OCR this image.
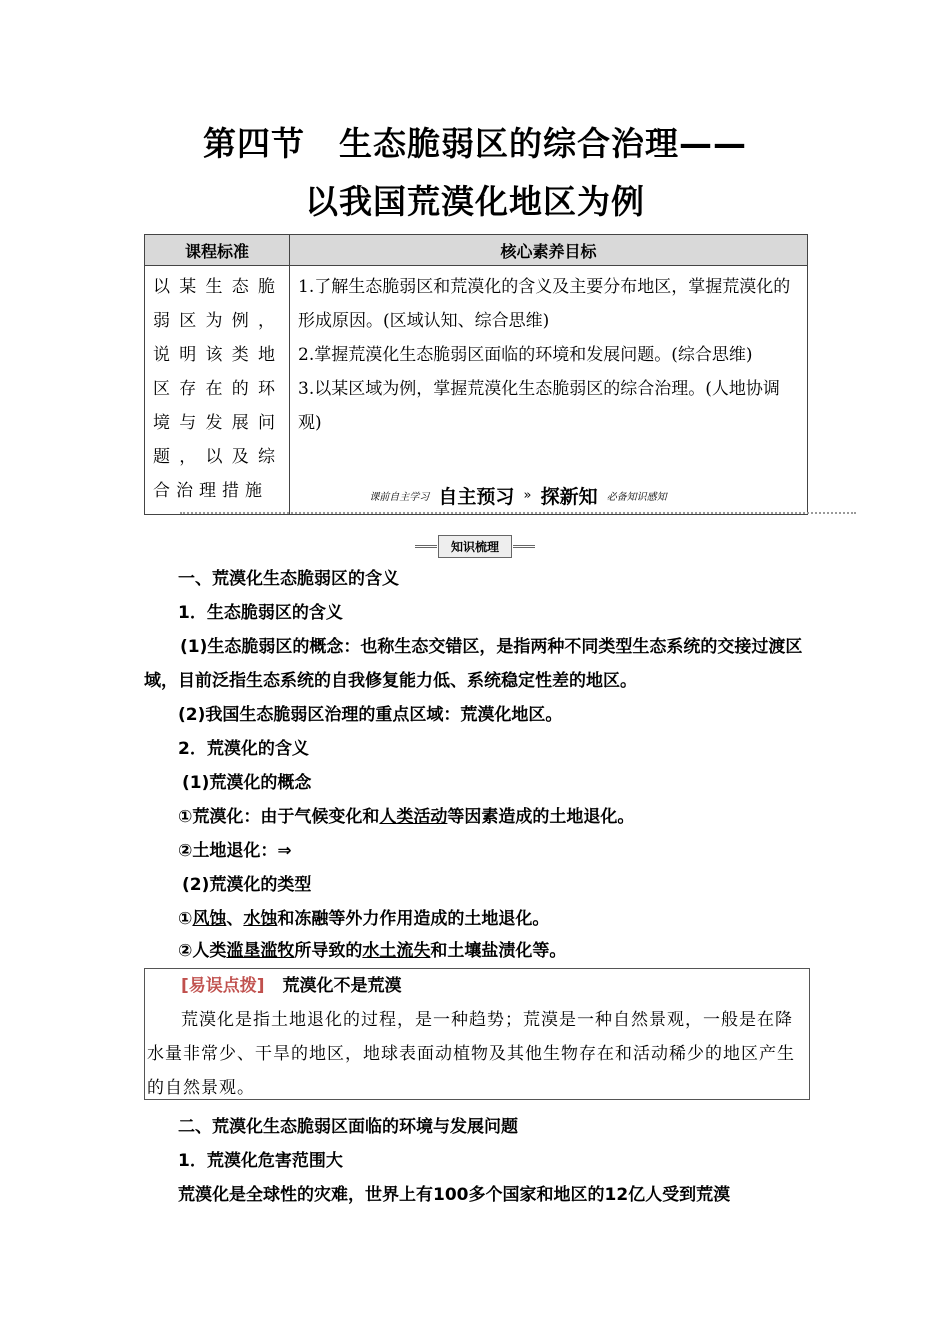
第四节　生态脆弱区的综合治理——
以我国荒漠化地区为例
课程标准	核心素养目标
以某生态脆弱区为例，说明该类地区存在的环境与发展问题，以及综合治理措施	1.了解生态脆弱区和荒漠化的含义及主要分布地区，掌握荒漠化的形成原因。(区域认知、综合思维)

2.掌握荒漠化生态脆弱区面临的环境和发展问题。(综合思维)

3.以某区域为例，掌握荒漠化生态脆弱区的综合治理。(人地协调观)

课前自主学习 自主预习 » 探新知 必备知识感知
知识梳理
一、荒漠化生态脆弱区的含义
1．生态脆弱区的含义
(1)生态脆弱区的概念：也称生态交错区，是指两种不同类型生态系统的交接过渡区域，目前泛指生态系统的自我修复能力低、系统稳定性差的地区。
(2)我国生态脆弱区治理的重点区域：荒漠化地区。
2．荒漠化的含义
(1)荒漠化的概念
①荒漠化：由于气候变化和人类活动等因素造成的土地退化。
②土地退化：⇒
(2)荒漠化的类型
①风蚀、水蚀和冻融等外力作用造成的土地退化。
②人类滥垦滥牧所导致的水土流失和土壤盐渍化等。
[易误点拨] 荒漠化不是荒漠
荒漠化是指土地退化的过程，是一种趋势；荒漠是一种自然景观，一般是在降水量非常少、干旱的地区，地球表面动植物及其他生物存在和活动稀少的地区产生的自然景观。
二、荒漠化生态脆弱区面临的环境与发展问题
1．荒漠化危害范围大
荒漠化是全球性的灾难，世界上有100多个国家和地区的12亿人受到荒漠
